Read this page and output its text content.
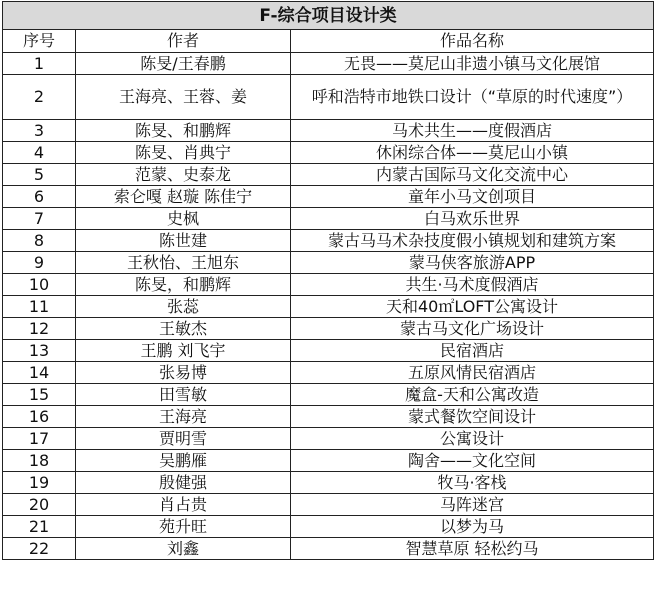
F-综合项目设计类		
序号	作者	作品名称
1	陈旻/王春鹏	无畏——莫尼山非遗小镇马文化展馆
2	王海亮、王蓉、姜	呼和浩特市地铁口设计（“草原的时代速度”）
3	陈旻、和鹏辉	马术共生——度假酒店
4	陈旻、肖典宁	休闲综合体——莫尼山小镇
5	范蒙、史泰龙	内蒙古国际马文化交流中心
6	索仑嘎 赵璇 陈佳宁	童年小马文创项目
7	史枫	白马欢乐世界
8	陈世建	蒙古马马术杂技度假小镇规划和建筑方案
9	王秋怡、王旭东	蒙马侠客旅游APP
10	陈旻，和鹏辉	共生·马术度假酒店
11	张蕊	天和40㎡LOFT公寓设计
12	王敏杰	蒙古马文化广场设计
13	王鹏 刘飞宇	民宿酒店
14	张易博	五原风情民宿酒店
15	田雪敏	魔盒-天和公寓改造
16	王海亮	蒙式餐饮空间设计
17	贾明雪	公寓设计
18	吴鹏雁	陶舍——文化空间
19	殷健强	牧马·客栈
20	肖占贵	马阵迷宫
21	苑升旺	以梦为马
22	刘鑫	智慧草原 轻松约马
